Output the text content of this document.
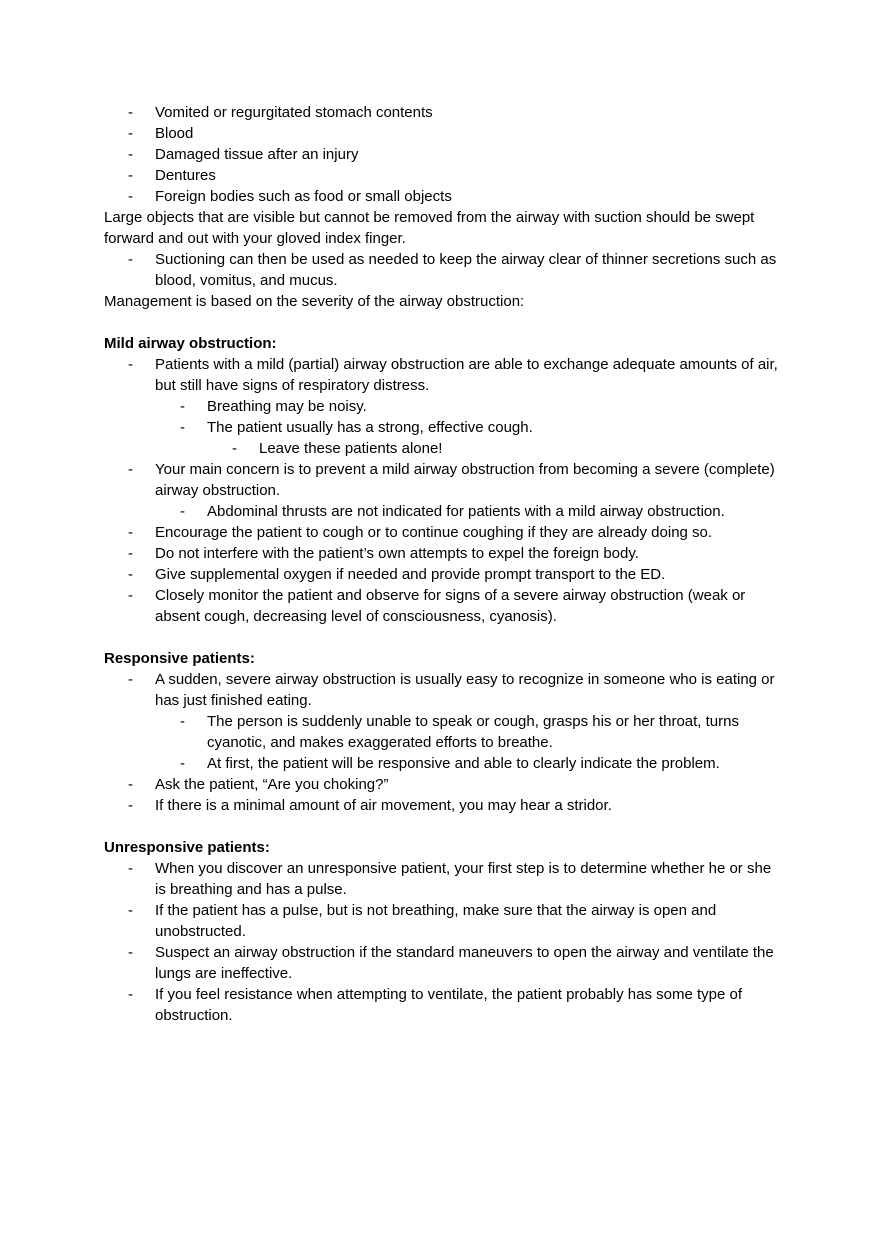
- Vomited or regurgitated stomach contents
- Blood
- Damaged tissue after an injury
- Dentures
- Foreign bodies such as food or small objects

Large objects that are visible but cannot be removed from the airway with suction should be swept forward and out with your gloved index finger.

- Suctioning can then be used as needed to keep the airway clear of thinner secretions such as blood, vomitus, and mucus.

Management is based on the severity of the airway obstruction:

Mild airway obstruction:

- Patients with a mild (partial) airway obstruction are able to exchange adequate amounts of air, but still have signs of respiratory distress.
- Breathing may be noisy.
- The patient usually has a strong, effective cough.
- Leave these patients alone!
- Your main concern is to prevent a mild airway obstruction from becoming a severe (complete) airway obstruction.
- Abdominal thrusts are not indicated for patients with a mild airway obstruction.
- Encourage the patient to cough or to continue coughing if they are already doing so.
- Do not interfere with the patient’s own attempts to expel the foreign body.
- Give supplemental oxygen if needed and provide prompt transport to the ED.
- Closely monitor the patient and observe for signs of a severe airway obstruction (weak or absent cough, decreasing level of consciousness, cyanosis).

Responsive patients:

- A sudden, severe airway obstruction is usually easy to recognize in someone who is eating or has just finished eating.
- The person is suddenly unable to speak or cough, grasps his or her throat, turns cyanotic, and makes exaggerated efforts to breathe.
- At first, the patient will be responsive and able to clearly indicate the problem.
- Ask the patient, “Are you choking?”
- If there is a minimal amount of air movement, you may hear a stridor.

Unresponsive patients:

- When you discover an unresponsive patient, your first step is to determine whether he or she is breathing and has a pulse.
- If the patient has a pulse, but is not breathing, make sure that the airway is open and unobstructed.
- Suspect an airway obstruction if the standard maneuvers to open the airway and ventilate the lungs are ineffective.
- If you feel resistance when attempting to ventilate, the patient probably has some type of obstruction.
